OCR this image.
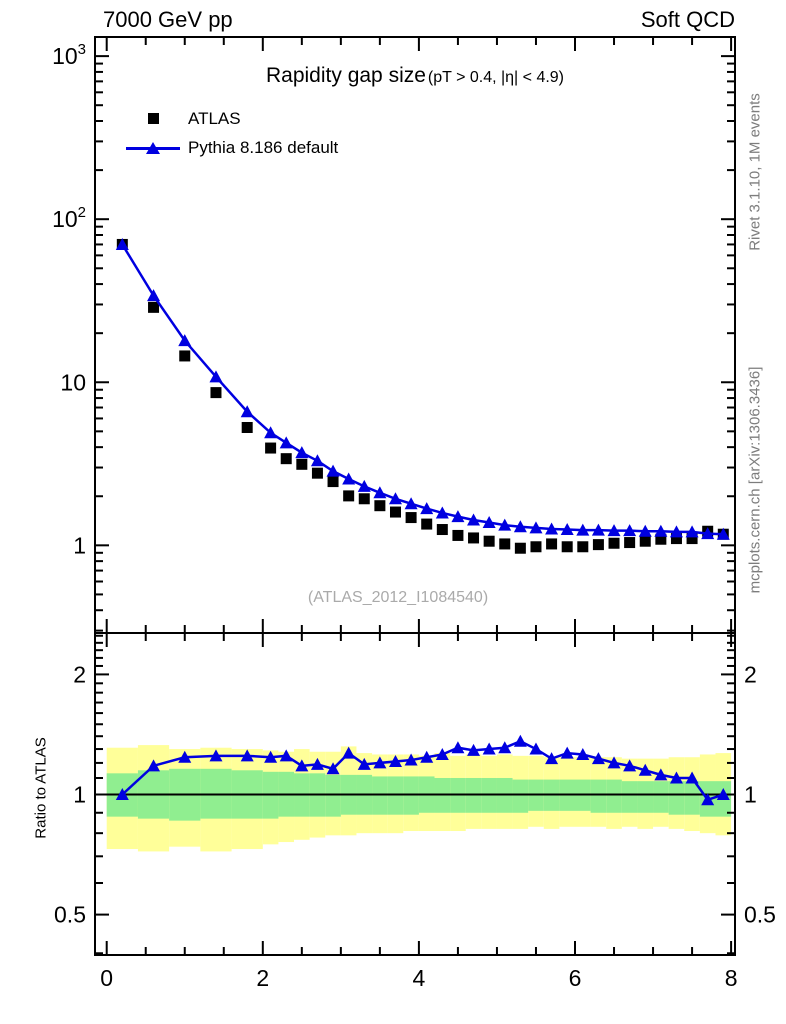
1
10
$10^2$
$10^3$
0.5	0.5
1	1
2	2
0	2	4	6	8
7000 GeV pp	Soft QCD
Rapidity gap size (pT > 0.4, |η| < 4.9)
ATLAS
Pythia 8.186 default
(ATLAS_2012_I1084540)
Rivet 3.1.10, 1M events
mcplots.cern.ch [arXiv:1306.3436]
Ratio to ATLAS
